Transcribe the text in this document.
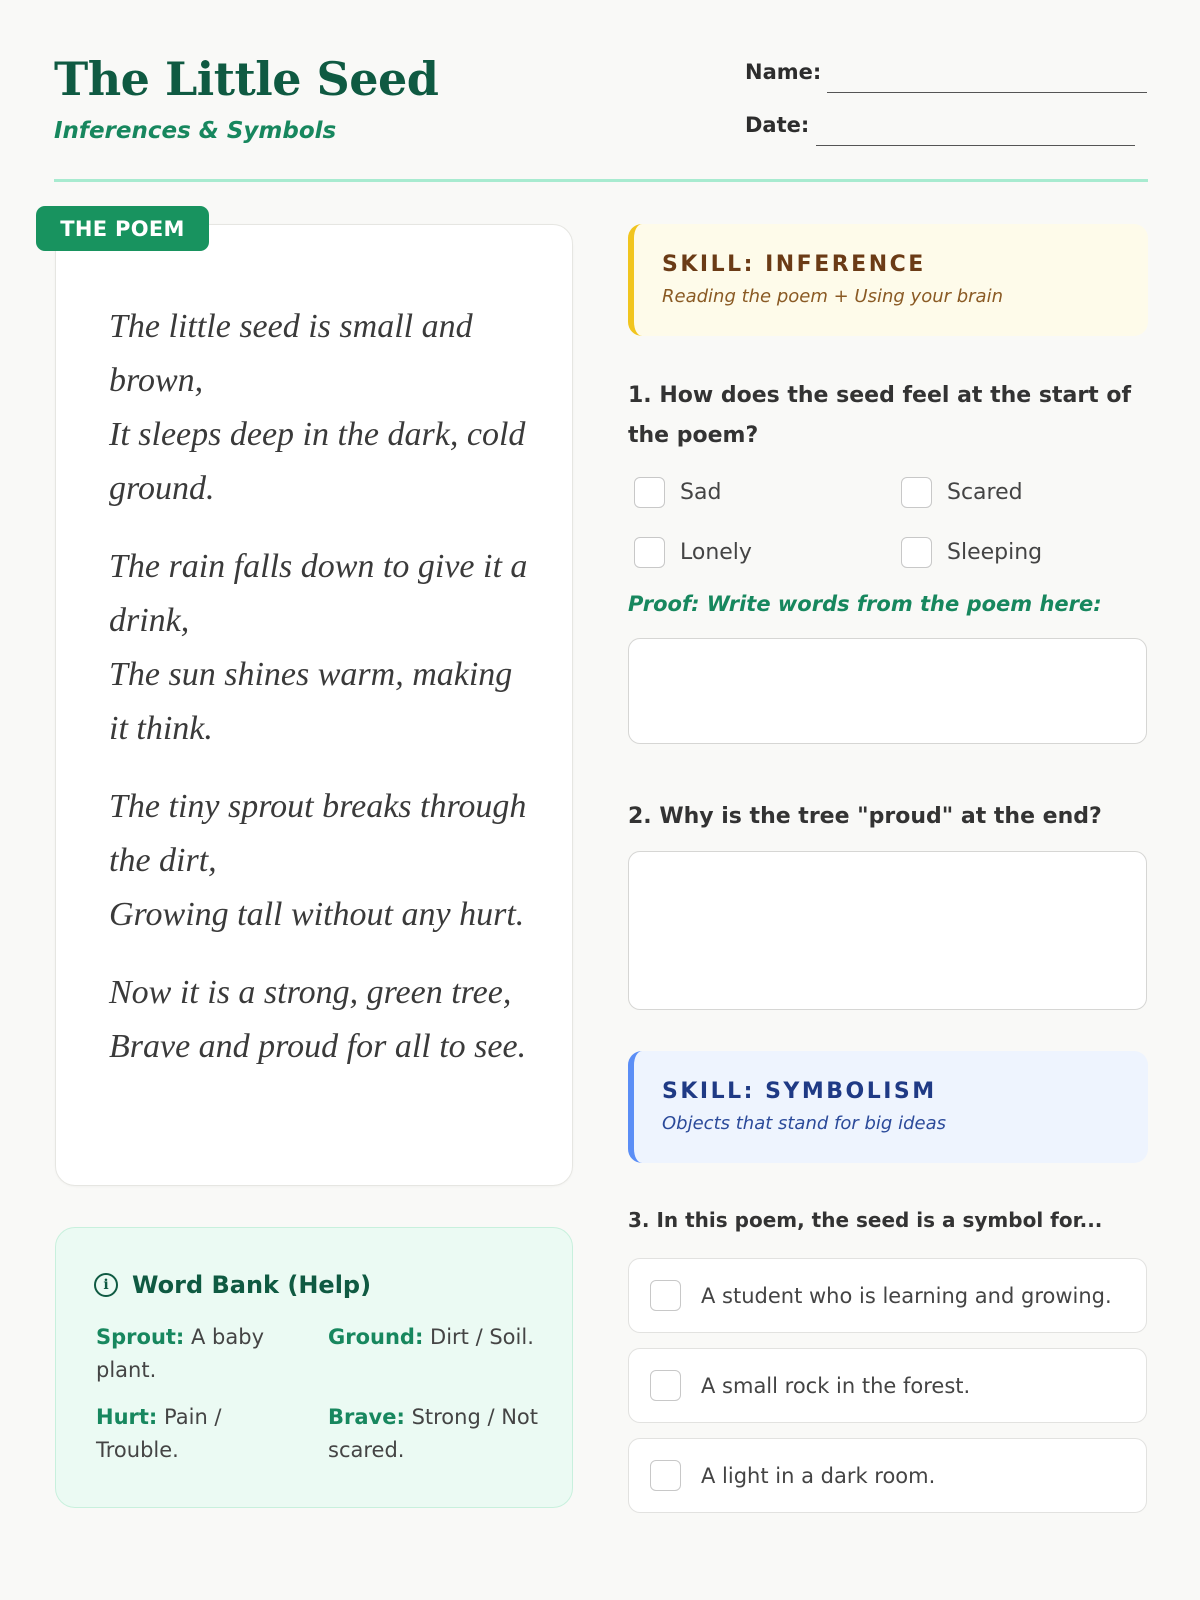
The Little Seed
Inferences & Symbols
Name:
Date:
THE POEM
The little seed is small and brown,
It sleeps deep in the dark, cold ground.
The rain falls down to give it a drink,
The sun shines warm, making it think.
The tiny sprout breaks through the dirt,
Growing tall without any hurt.
Now it is a strong, green tree,
Brave and proud for all to see.
i Word Bank (Help)
Sprout: A baby plant.
Ground: Dirt / Soil.
Hurt: Pain / Trouble.
Brave: Strong / Not scared.
SKILL: INFERENCE
Reading the poem + Using your brain
1. How does the seed feel at the start of the poem?
Sad	Scared
Lonely	Sleeping
Proof: Write words from the poem here:
2. Why is the tree "proud" at the end?
SKILL: SYMBOLISM
Objects that stand for big ideas
3. In this poem, the seed is a symbol for...
A student who is learning and growing.
A small rock in the forest.
A light in a dark room.
